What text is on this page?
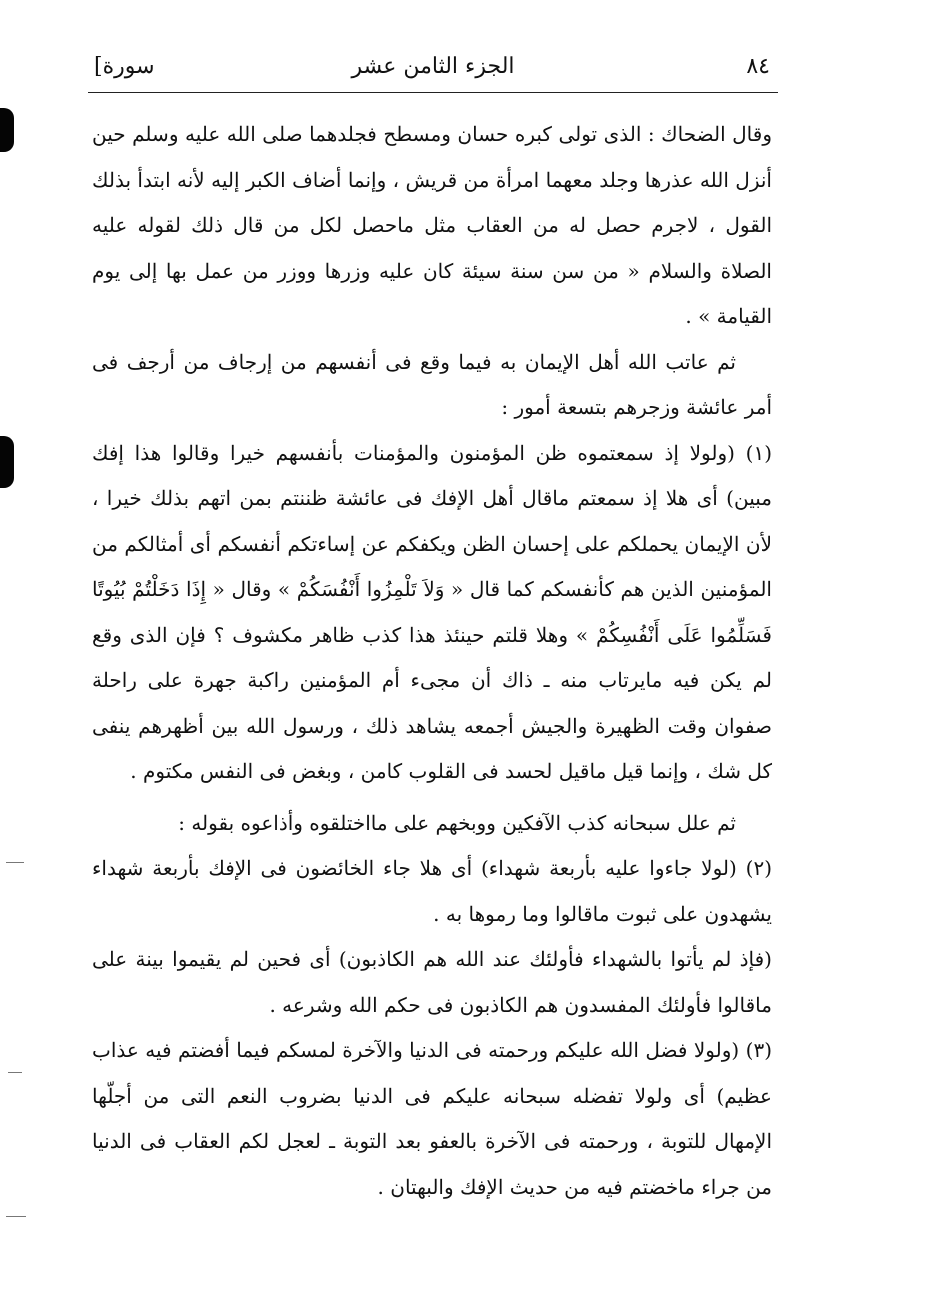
٨٤
الجزء الثامن عشر
[سورة

وقال الضحاك : الذى تولى كبره حسان ومسطح فجلدهما صلى الله عليه وسلم حين أنزل الله عذرها وجلد معهما امرأة من قريش ، وإنما أضاف الكبر إليه لأنه ابتدأ بذلك القول ، لاجرم حصل له من العقاب مثل ماحصل لكل من قال ذلك لقوله عليه الصلاة والسلام « من سن سنة سيئة كان عليه وزرها ووزر من عمل بها إلى يوم القيامة » .

ثم عاتب الله أهل الإيمان به فيما وقع فى أنفسهم من إرجاف من أرجف فى أمر عائشة وزجرهم بتسعة أمور :

(١) (ولولا إذ سمعتموه ظن المؤمنون والمؤمنات بأنفسهم خيرا وقالوا هذا إفك مبين) أى هلا إذ سمعتم ماقال أهل الإفك فى عائشة ظننتم بمن اتهم بذلك خيرا ، لأن الإيمان يحملكم على إحسان الظن ويكفكم عن إساءتكم أنفسكم أى أمثالكم من المؤمنين الذين هم كأنفسكم كما قال « وَلاَ تَلْمِزُوا أَنْفُسَكُمْ » وقال « إِذَا دَخَلْتُمْ بُيُوتًا فَسَلِّمُوا عَلَى أَنْفُسِكُمْ » وهلا قلتم حينئذ هذا كذب ظاهر مكشوف ؟ فإن الذى وقع لم يكن فيه مايرتاب منه ـ ذاك أن مجىء أم المؤمنين راكبة جهرة على راحلة صفوان وقت الظهيرة والجيش أجمعه يشاهد ذلك ، ورسول الله بين أظهرهم ينفى كل شك ، وإنما قيل ماقيل لحسد فى القلوب كامن ، وبغض فى النفس مكتوم .

ثم علل سبحانه كذب الآفكين ووبخهم على مااختلقوه وأذاعوه بقوله :

(٢) (لولا جاءوا عليه بأربعة شهداء) أى هلا جاء الخائضون فى الإفك بأربعة شهداء يشهدون على ثبوت ماقالوا وما رموها به .

(فإذ لم يأتوا بالشهداء فأولئك عند الله هم الكاذبون) أى فحين لم يقيموا بينة على ماقالوا فأولئك المفسدون هم الكاذبون فى حكم الله وشرعه .

(٣) (ولولا فضل الله عليكم ورحمته فى الدنيا والآخرة لمسكم فيما أفضتم فيه عذاب عظيم) أى ولولا تفضله سبحانه عليكم فى الدنيا بضروب النعم التى من أجلّها الإمهال للتوبة ، ورحمته فى الآخرة بالعفو بعد التوبة ـ لعجل لكم العقاب فى الدنيا من جراء ماخضتم فيه من حديث الإفك والبهتان .
